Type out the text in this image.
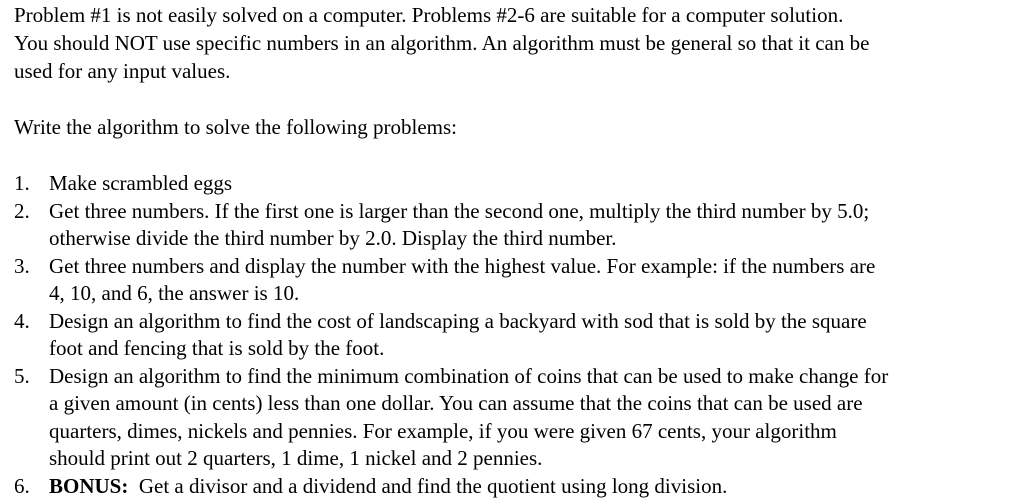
Problem #1 is not easily solved on a computer. Problems #2-6 are suitable for a computer solution.
You should NOT use specific numbers in an algorithm. An algorithm must be general so that it can be
used for any input values.

Write the algorithm to solve the following problems:

1. Make scrambled eggs
2. Get three numbers. If the first one is larger than the second one, multiply the third number by 5.0;
otherwise divide the third number by 2.0. Display the third number.
3. Get three numbers and display the number with the highest value. For example: if the numbers are
4, 10, and 6, the answer is 10.
4. Design an algorithm to find the cost of landscaping a backyard with sod that is sold by the square
foot and fencing that is sold by the foot.
5. Design an algorithm to find the minimum combination of coins that can be used to make change for
a given amount (in cents) less than one dollar. You can assume that the coins that can be used are
quarters, dimes, nickels and pennies. For example, if you were given 67 cents, your algorithm
should print out 2 quarters, 1 dime, 1 nickel and 2 pennies.
6. BONUS: Get a divisor and a dividend and find the quotient using long division.
